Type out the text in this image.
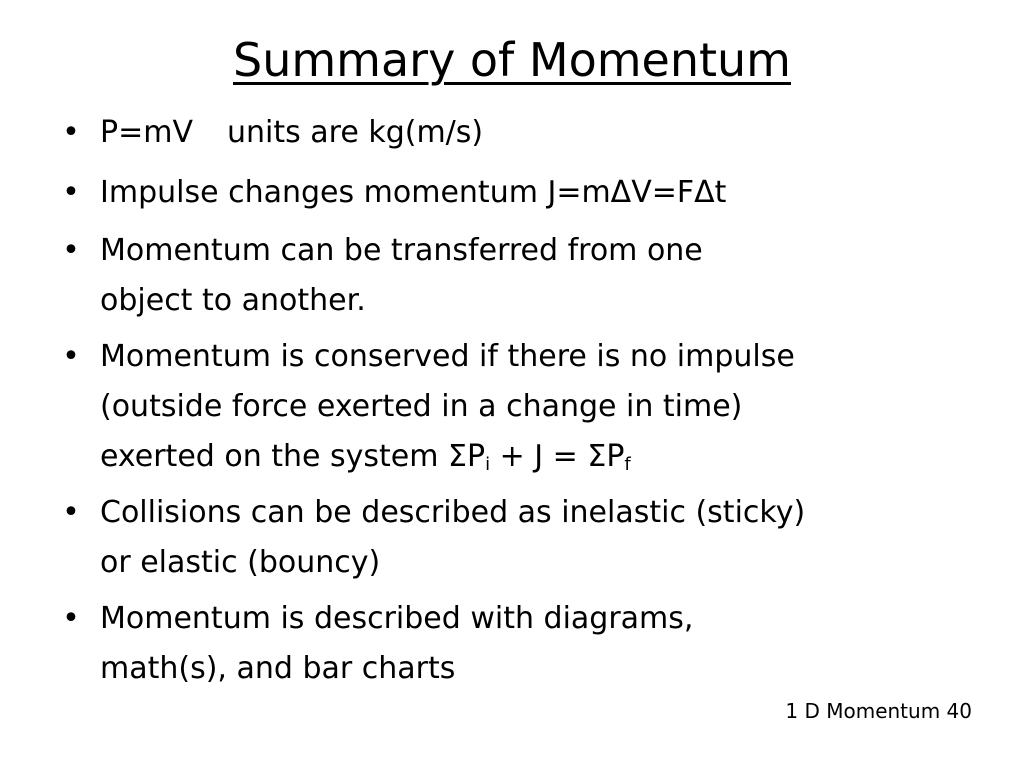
Summary of Momentum
• P=mV units are kg(m/s)
• Impulse changes momentum J=mΔV=FΔt
• Momentum can be transferred from one
object to another.
• Momentum is conserved if there is no impulse
(outside force exerted in a change in time)
exerted on the system $\Sigma P_i + J = \Sigma P_f$
• Collisions can be described as inelastic (sticky)
or elastic (bouncy)
• Momentum is described with diagrams,
math(s), and bar charts
1 D Momentum 40
